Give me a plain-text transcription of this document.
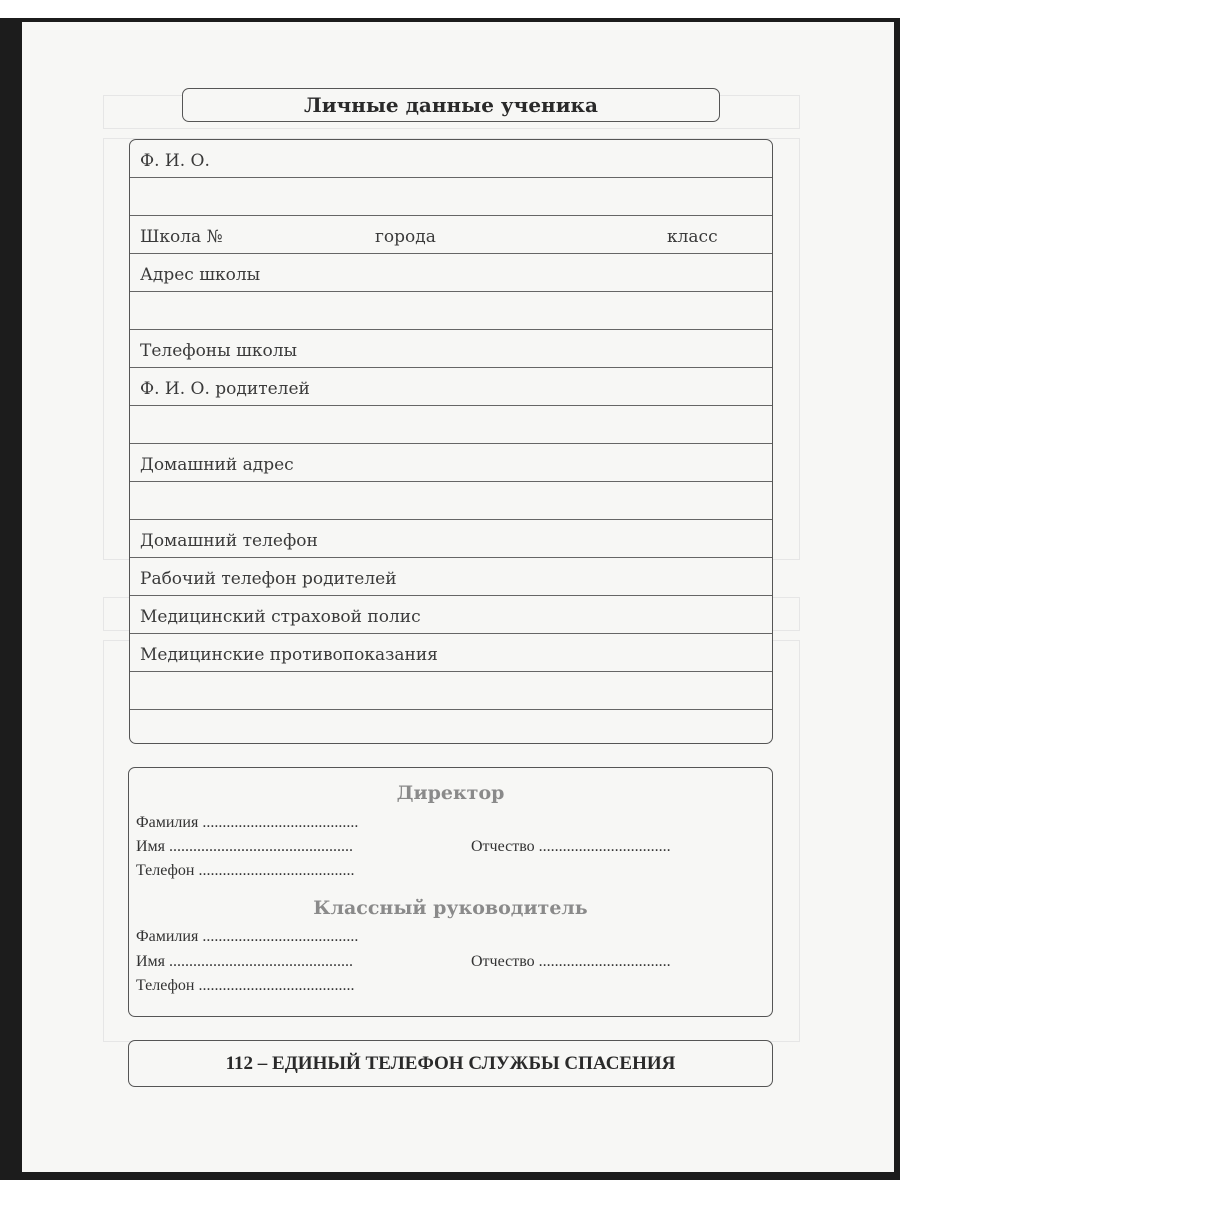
Личные данные ученика
Ф. И. О.
Школа №	города	класс
Адрес школы
Телефоны школы
Ф. И. О. родителей
Домашний адрес
Домашний телефон
Рабочий телефон родителей
Медицинский страховой полис
Медицинские противопоказания
Директор
Фамилия .......................................
Имя ..............................................	Отчество .................................
Телефон .......................................
Классный руководитель
Фамилия .......................................
Имя ..............................................	Отчество .................................
Телефон .......................................
112 – ЕДИНЫЙ ТЕЛЕФОН СЛУЖБЫ СПАСЕНИЯ
